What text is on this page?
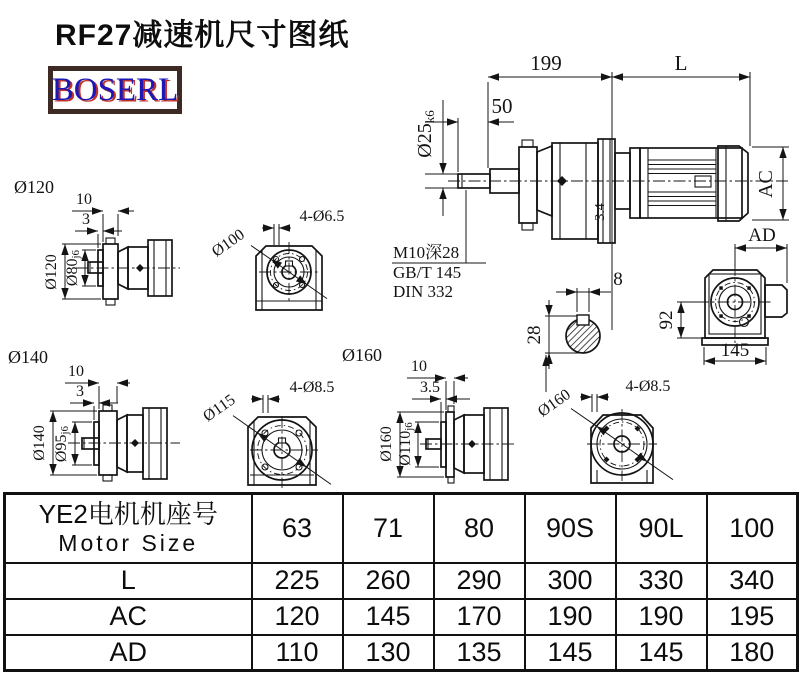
RF27减速机尺寸图纸
BOSERL
3.4
199	L
50
Ø25k6
AC
M10深28
GB/T 145
DIN 332
8
28
AD
92
145
Ø120
10
3
Ø120 Ø80j6	Ø100
4-Ø6.5
Ø140
10
3
Ø140 Ø95j6
Ø115
4-Ø8.5
Ø160
10
3.5
Ø160 Ø110j6
Ø160	4-Ø8.5
YE2电机机座号
Motor Size	63	71	80	90S	90L	100
L	225	260	290	300	330	340
AC	120	145	170	190	190	195
AD	110	130	135	145	145	180
